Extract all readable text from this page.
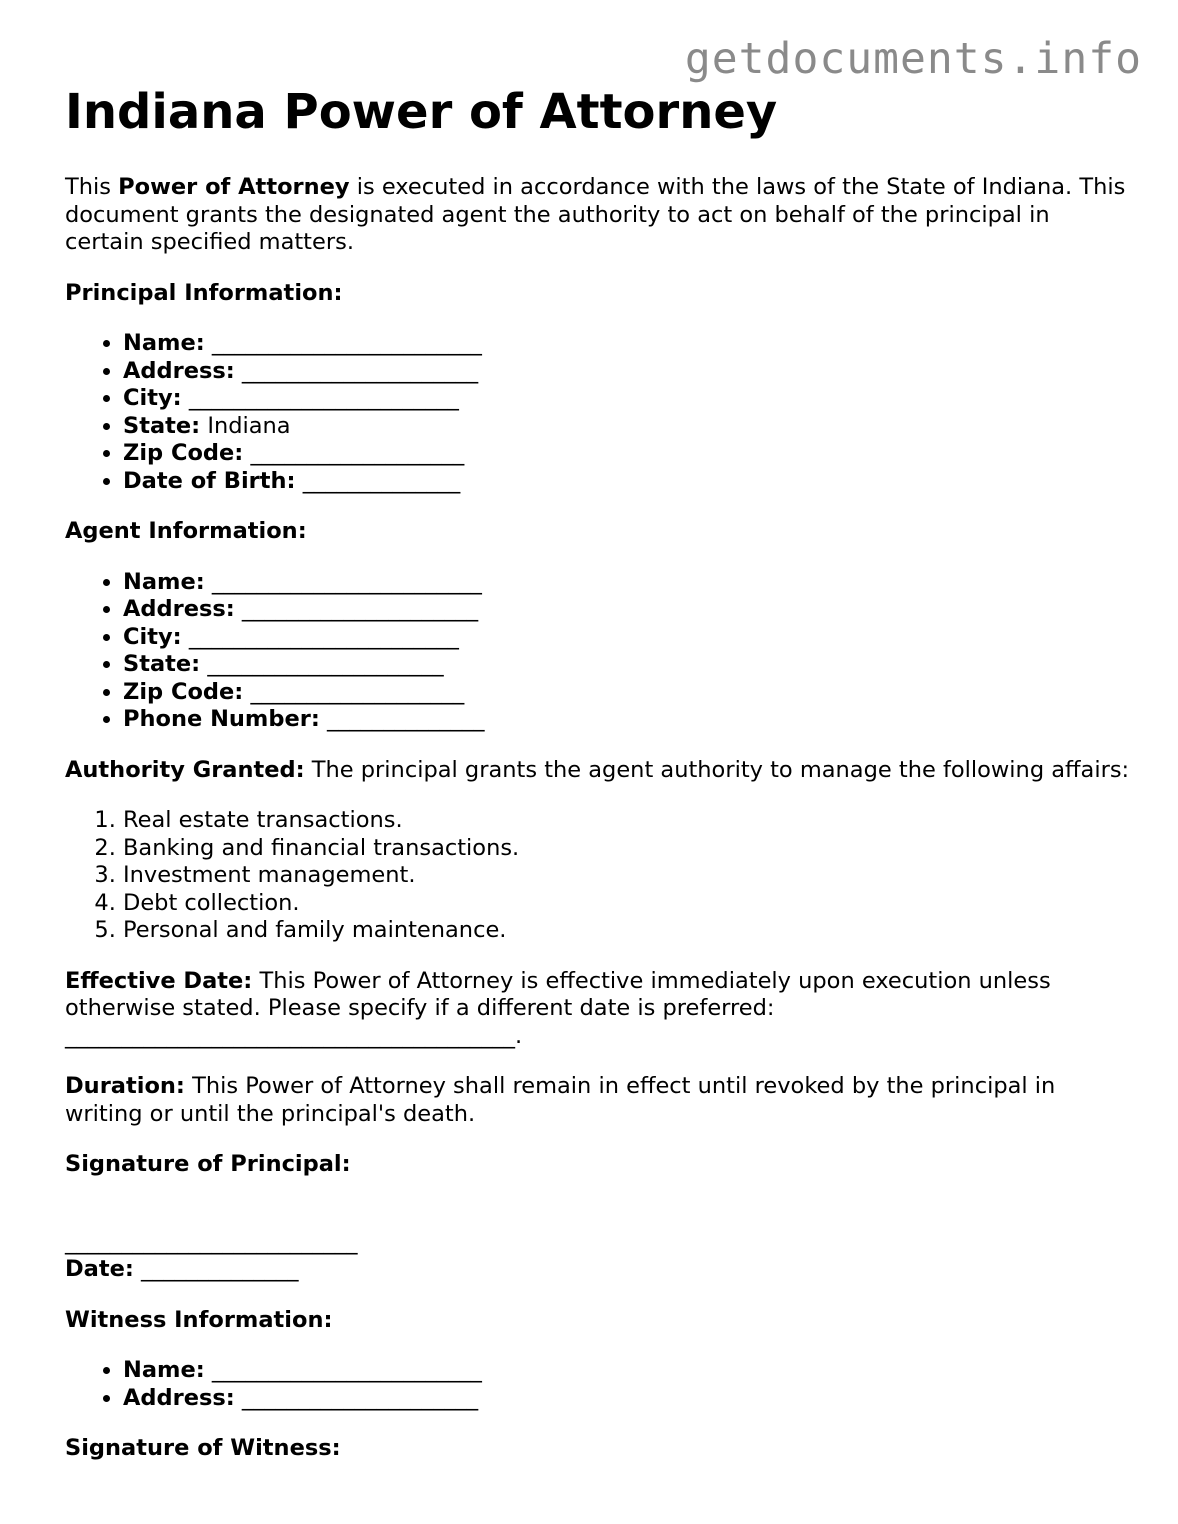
getdocuments.info
Indiana Power of Attorney

This Power of Attorney is executed in accordance with the laws of the State of Indiana. This document grants the designated agent the authority to act on behalf of the principal in certain specified matters.

Principal Information:

• Name: ________________________
• Address: _____________________
• City: ________________________
• State: Indiana
• Zip Code: ___________________
• Date of Birth: ______________

Agent Information:

• Name: ________________________
• Address: _____________________
• City: ________________________
• State: _____________________
• Zip Code: ___________________
• Phone Number: ______________

Authority Granted: The principal grants the agent authority to manage the following affairs:

1. Real estate transactions.
2. Banking and financial transactions.
3. Investment management.
4. Debt collection.
5. Personal and family maintenance.

Effective Date: This Power of Attorney is effective immediately upon execution unless otherwise stated. Please specify if a different date is preferred: ________________________________________.

Duration: This Power of Attorney shall remain in effect until revoked by the principal in writing or until the principal's death.

Signature of Principal:

__________________________

Date: ______________

Witness Information:

• Name: ________________________
• Address: _____________________

Signature of Witness:
